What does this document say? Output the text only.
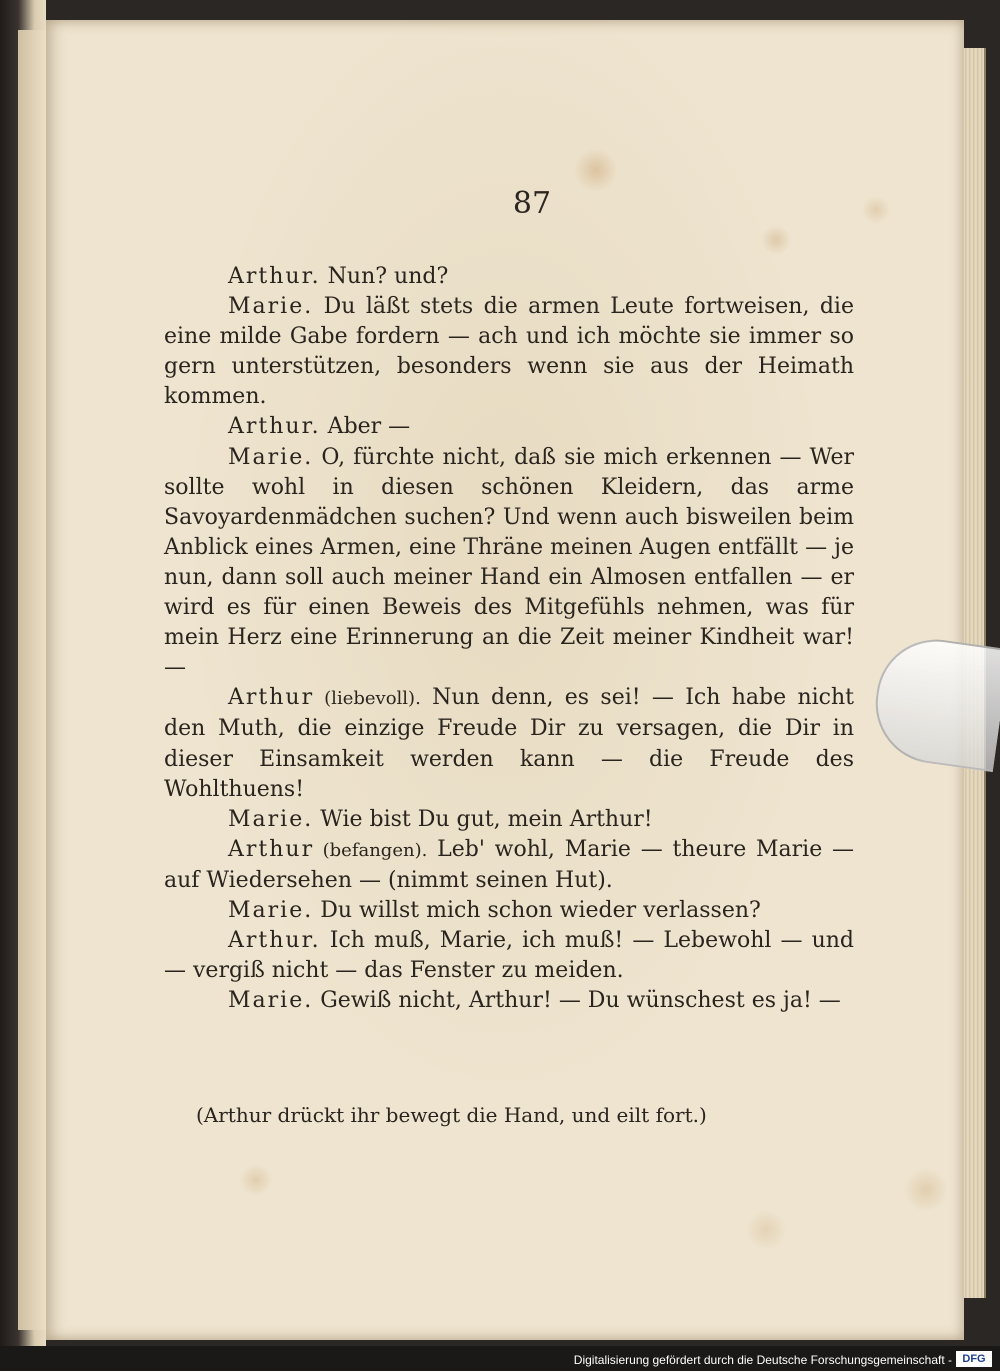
87

Arthur. Nun? und?

Marie. Du läßt stets die armen Leute fortweisen, die eine milde Gabe fordern — ach und ich möchte sie immer so gern unterstützen, besonders wenn sie aus der Heimath kommen.

Arthur. Aber —

Marie. O, fürchte nicht, daß sie mich erkennen — Wer sollte wohl in diesen schönen Kleidern, das arme Savoyardenmädchen suchen? Und wenn auch bisweilen beim Anblick eines Armen, eine Thräne meinen Augen entfällt — je nun, dann soll auch meiner Hand ein Almosen entfallen — er wird es für einen Beweis des Mitgefühls nehmen, was für mein Herz eine Erinnerung an die Zeit meiner Kindheit war! —

Arthur (liebevoll). Nun denn, es sei! — Ich habe nicht den Muth, die einzige Freude Dir zu versagen, die Dir in dieser Einsamkeit werden kann — die Freude des Wohlthuens!

Marie. Wie bist Du gut, mein Arthur!

Arthur (befangen). Leb' wohl, Marie — theure Marie — auf Wiedersehen — (nimmt seinen Hut).

Marie. Du willst mich schon wieder verlassen?

Arthur. Ich muß, Marie, ich muß! — Lebewohl — und — vergiß nicht — das Fenster zu meiden.

Marie. Gewiß nicht, Arthur! — Du wünschest es ja! —

(Arthur drückt ihr bewegt die Hand, und eilt fort.)
Digitalisierung gefördert durch die Deutsche Forschungsgemeinschaft - DFG
